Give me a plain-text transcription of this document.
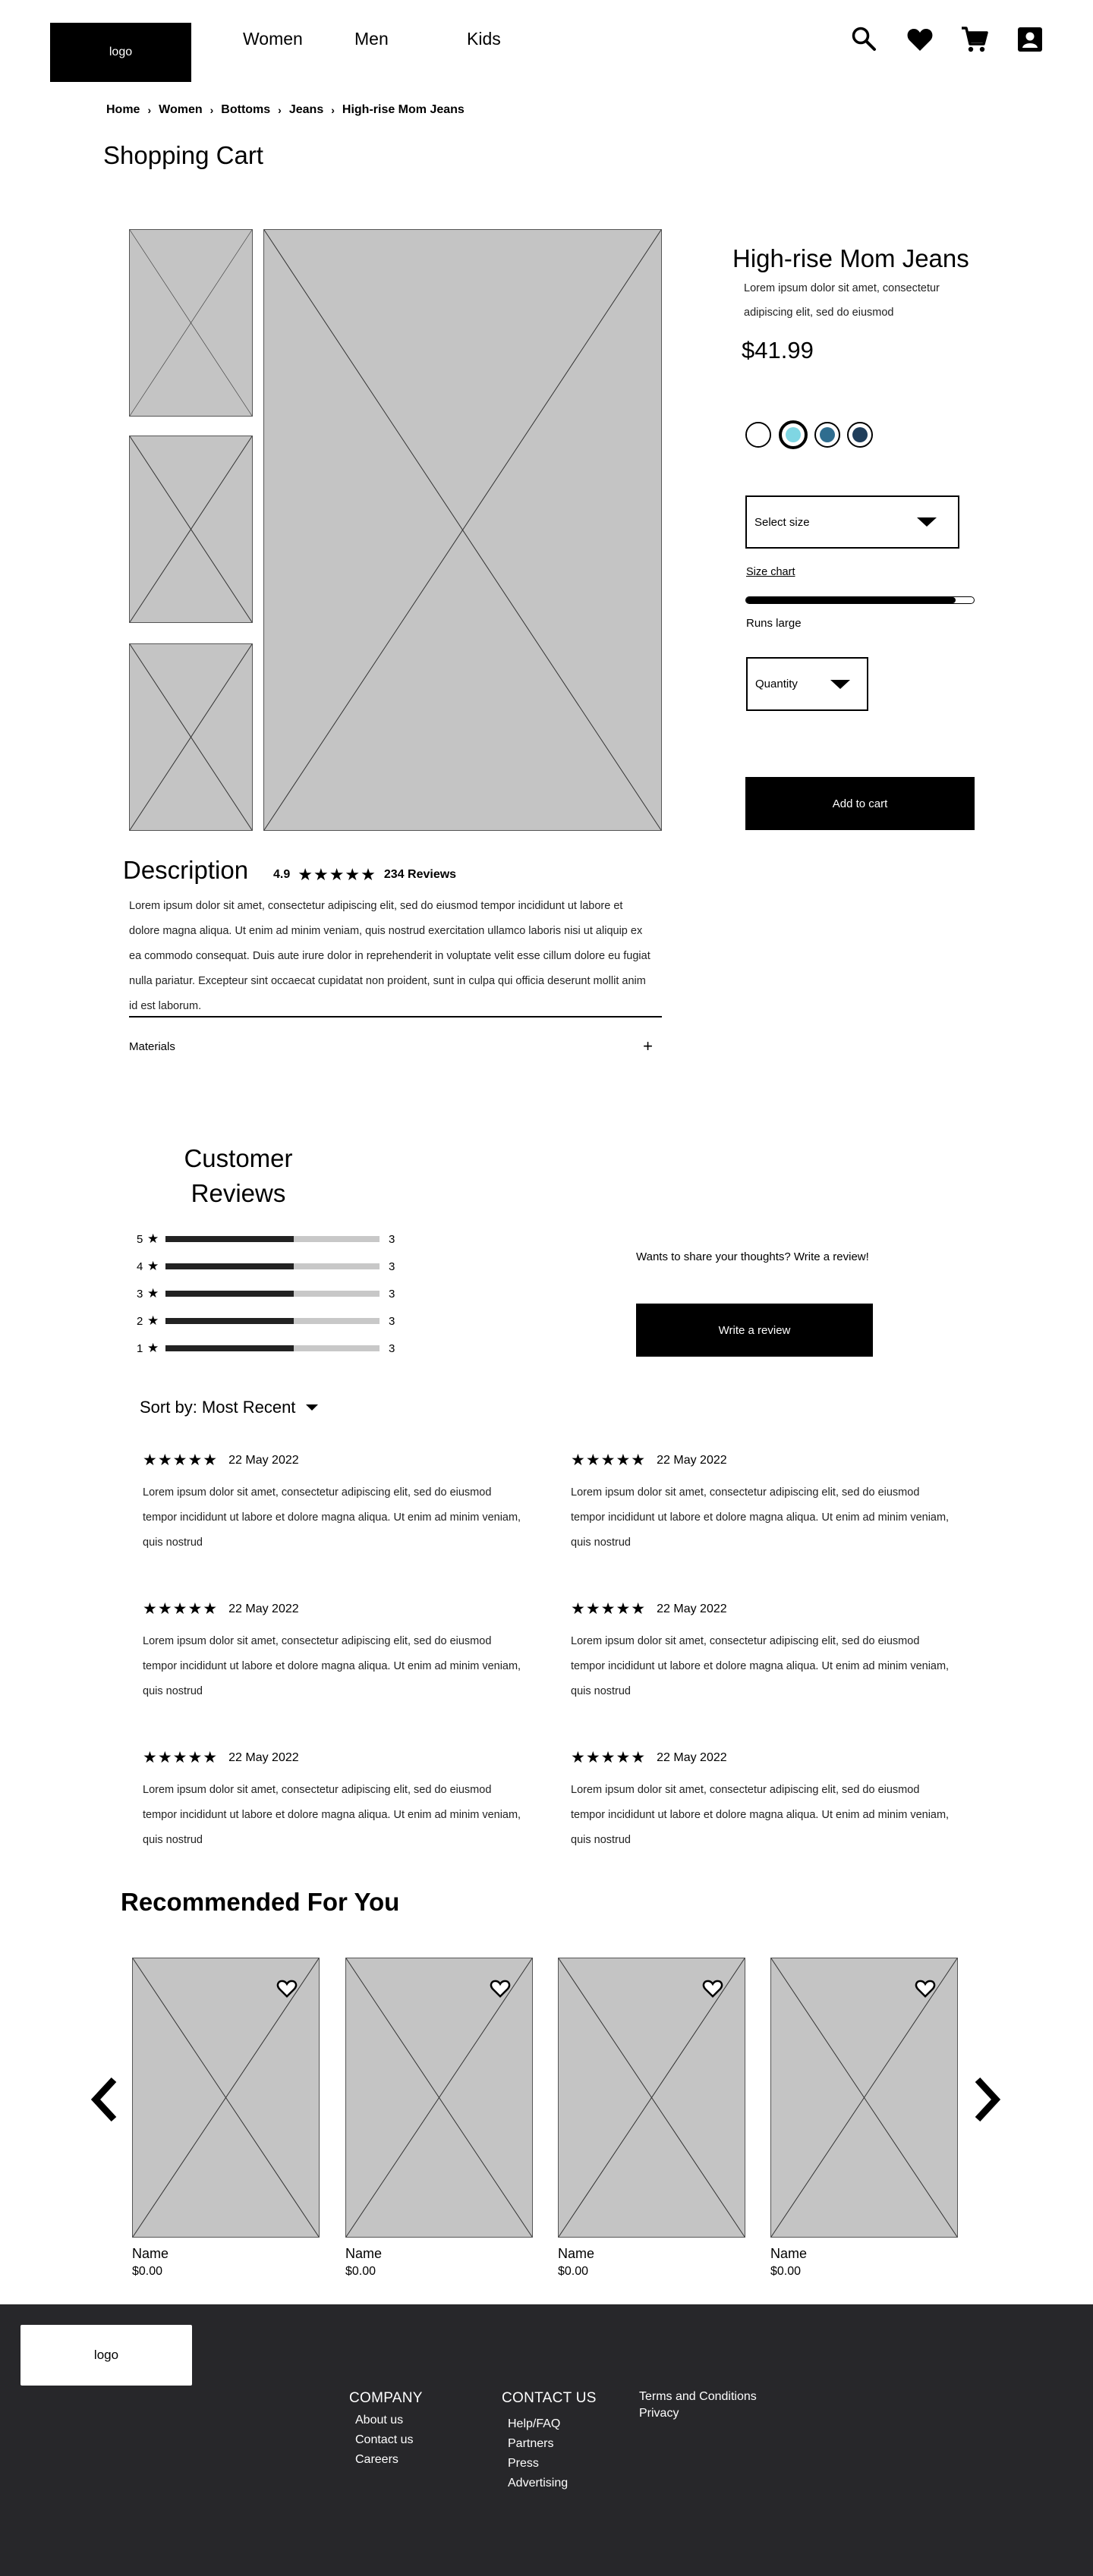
logo
Women	Men	Kids
Home › Women › Bottoms › Jeans › High-rise Mom Jeans
Shopping Cart
High-rise Mom Jeans
Lorem ipsum dolor sit amet, consectetur adipiscing elit, sed do eiusmod
$41.99
Select size
Size chart
Runs large
Quantity
Add to cart
Description 4.9 ★★★★★ 234 Reviews
Lorem ipsum dolor sit amet, consectetur adipiscing elit, sed do eiusmod tempor incididunt ut labore et dolore magna aliqua. Ut enim ad minim veniam, quis nostrud exercitation ullamco laboris nisi ut aliquip ex ea commodo consequat. Duis aute irure dolor in reprehenderit in voluptate velit esse cillum dolore eu fugiat nulla pariatur. Excepteur sint occaecat cupidatat non proident, sunt in culpa qui officia deserunt mollit anim id est laborum.
Materials	+
Customer
Reviews
5 ★	3
4 ★	3
3 ★	3
2 ★	3
1 ★	3
Wants to share your thoughts? Write a review!
Write a review
Sort by: Most Recent
★★★★★ 22 May 2022
Lorem ipsum dolor sit amet, consectetur adipiscing elit, sed do eiusmod tempor incididunt ut labore et dolore magna aliqua. Ut enim ad minim veniam, quis nostrud
★★★★★ 22 May 2022
Lorem ipsum dolor sit amet, consectetur adipiscing elit, sed do eiusmod tempor incididunt ut labore et dolore magna aliqua. Ut enim ad minim veniam, quis nostrud
★★★★★ 22 May 2022
Lorem ipsum dolor sit amet, consectetur adipiscing elit, sed do eiusmod tempor incididunt ut labore et dolore magna aliqua. Ut enim ad minim veniam, quis nostrud
★★★★★ 22 May 2022
Lorem ipsum dolor sit amet, consectetur adipiscing elit, sed do eiusmod tempor incididunt ut labore et dolore magna aliqua. Ut enim ad minim veniam, quis nostrud
★★★★★ 22 May 2022
Lorem ipsum dolor sit amet, consectetur adipiscing elit, sed do eiusmod tempor incididunt ut labore et dolore magna aliqua. Ut enim ad minim veniam, quis nostrud
★★★★★ 22 May 2022
Lorem ipsum dolor sit amet, consectetur adipiscing elit, sed do eiusmod tempor incididunt ut labore et dolore magna aliqua. Ut enim ad minim veniam, quis nostrud
Recommended For You
Name
$0.00
Name
$0.00
Name
$0.00
Name
$0.00
logo
COMPANY
About us
Contact us
Careers
CONTACT US
Help/FAQ
Partners
Press
Advertising
Terms and Conditions
Privacy
